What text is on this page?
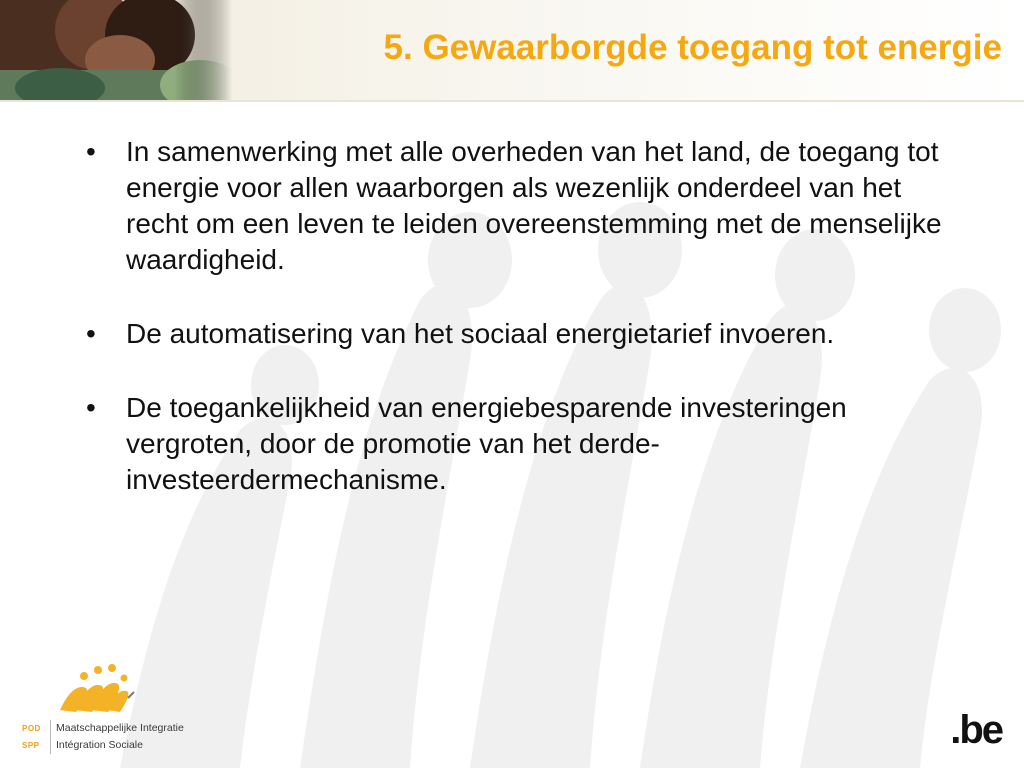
5. Gewaarborgde toegang tot energie
•	In samenwerking met alle overheden van het land, de toegang tot energie voor allen waarborgen als wezenlijk onderdeel van het recht om een leven te leiden overeenstemming met de menselijke waardigheid.
•	De automatisering van het sociaal energietarief invoeren.
•	De toegankelijkheid van energiebesparende investeringen vergroten, door de promotie van het derde-investeerdermechanisme.
POD
SPP
Maatschappelijke Integratie
Intégration Sociale	.be
